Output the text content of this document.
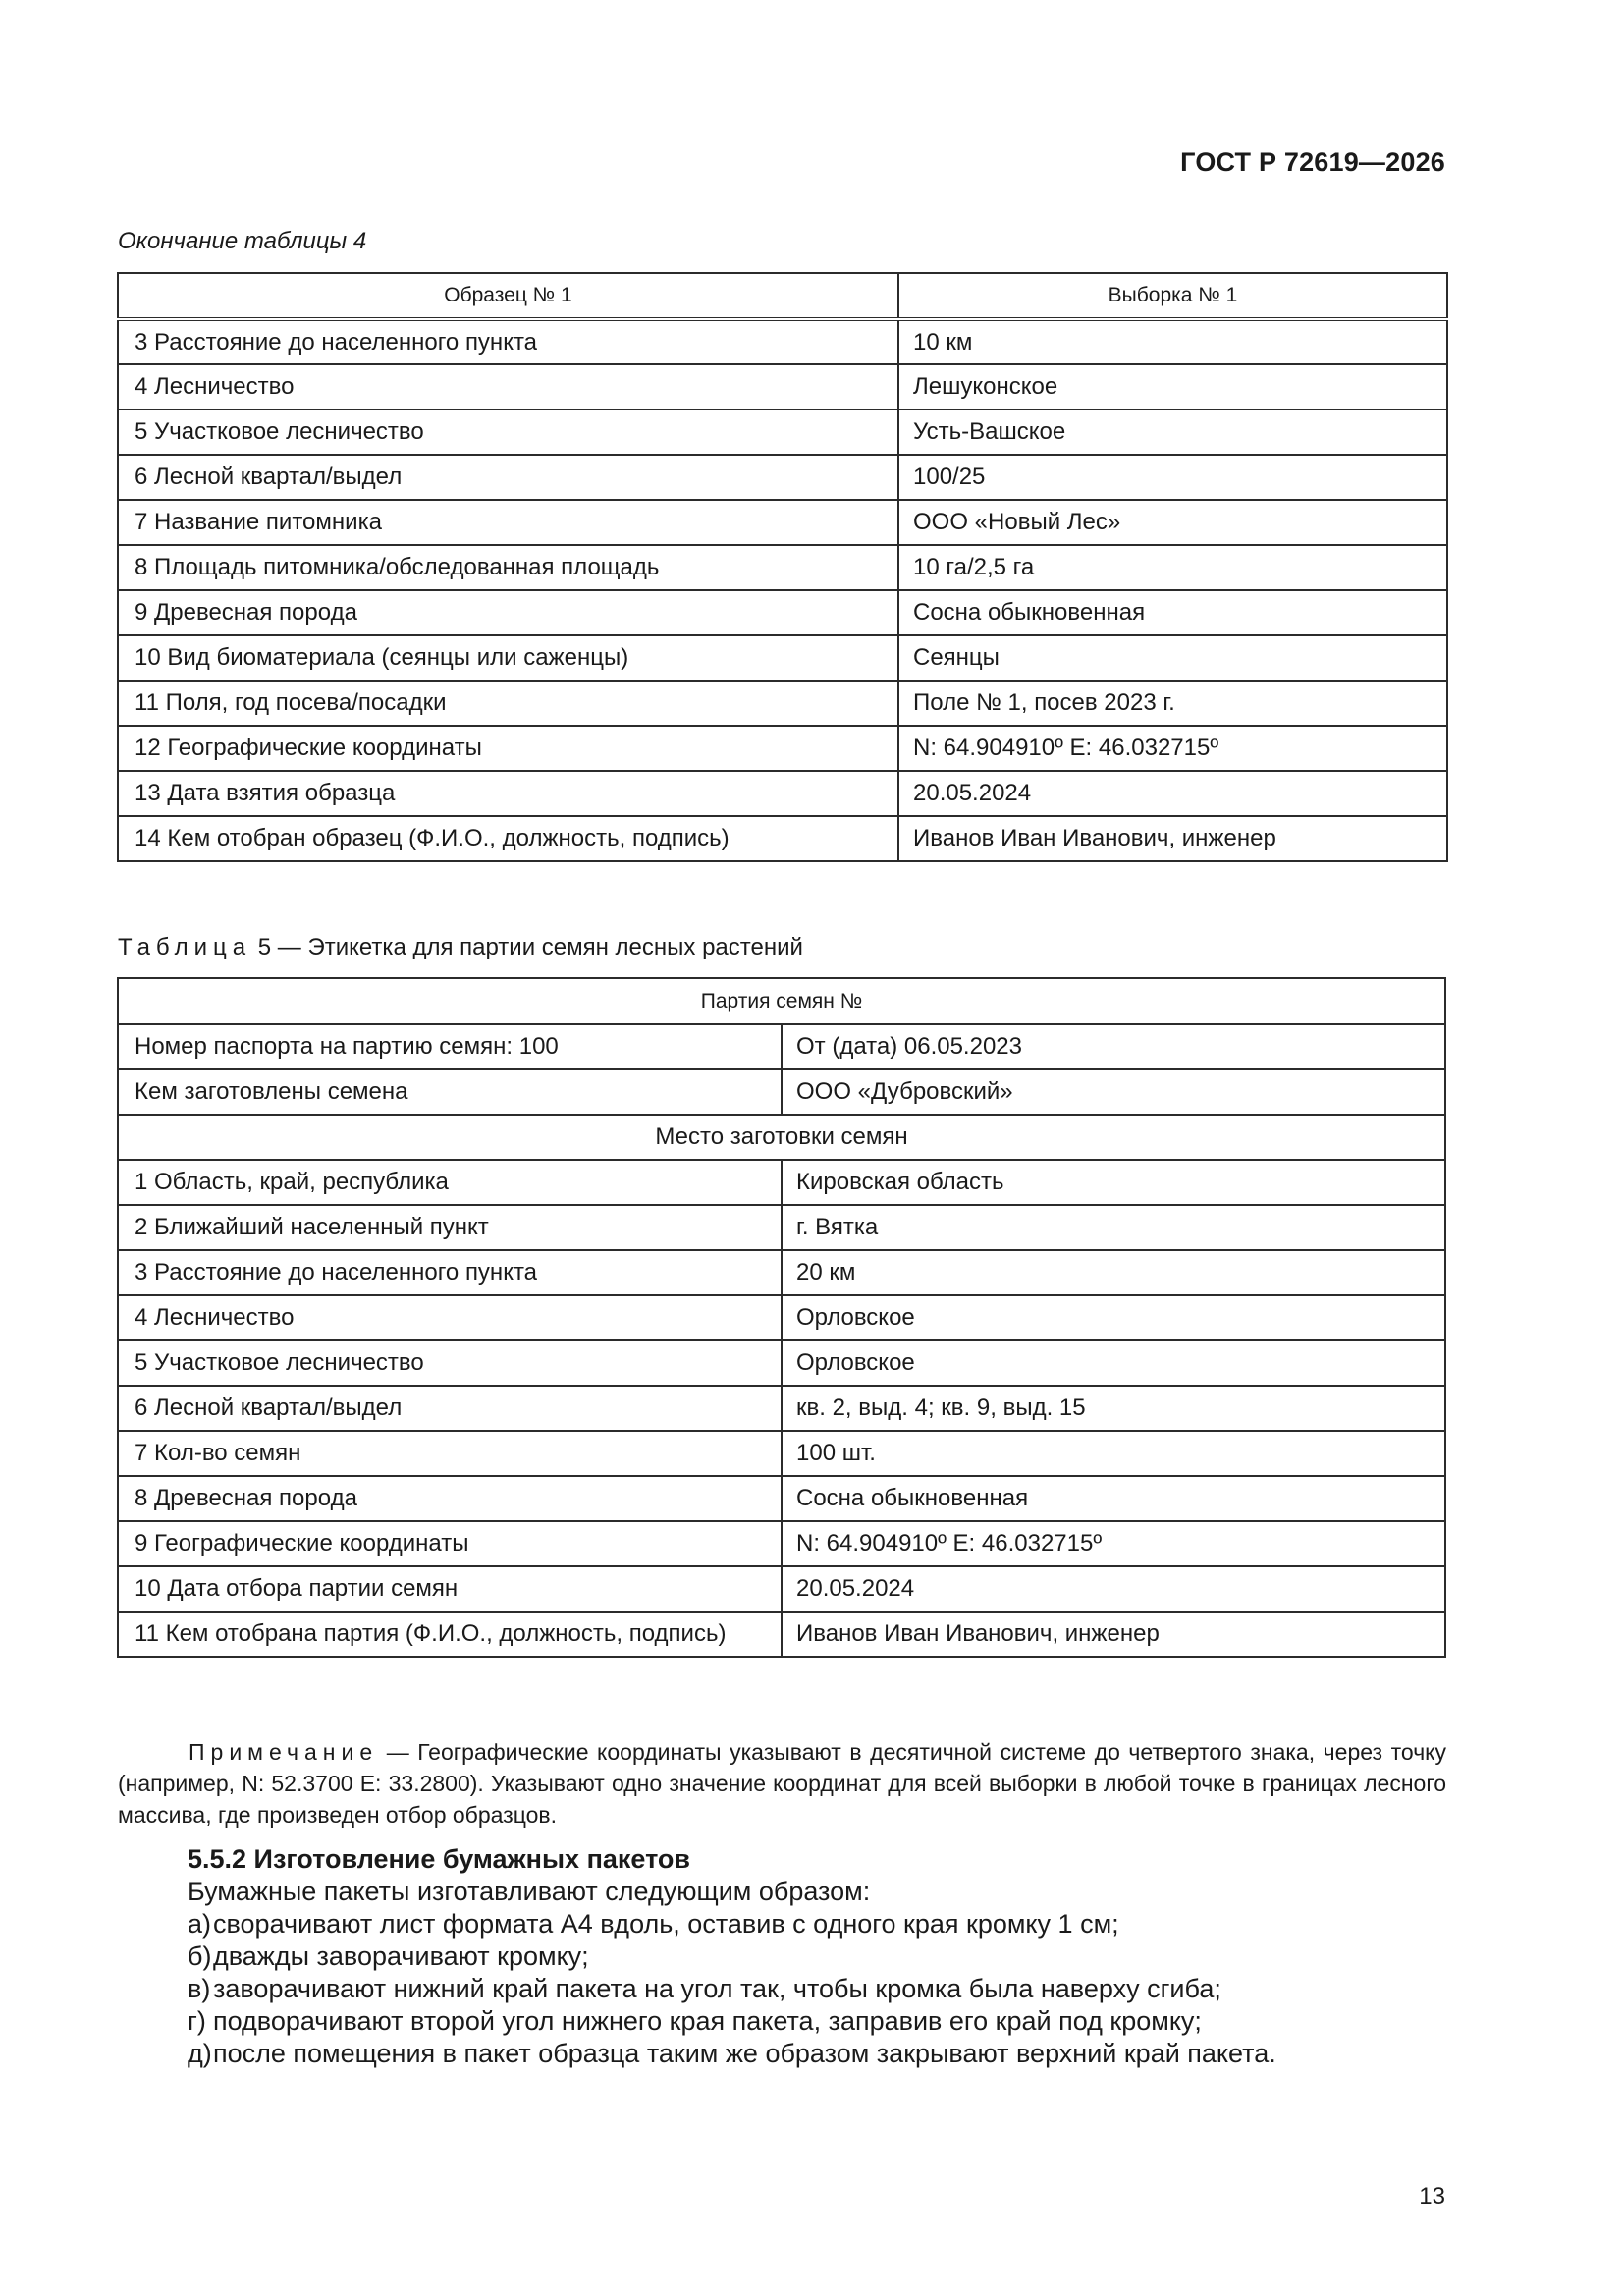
ГОСТ Р 72619—2026
Окончание таблицы 4
Образец № 1	Выборка № 1
3 Расстояние до населенного пункта	10 км
4 Лесничество	Лешуконское
5 Участковое лесничество	Усть-Вашское
6 Лесной квартал/выдел	100/25
7 Название питомника	ООО «Новый Лес»
8 Площадь питомника/обследованная площадь	10 га/2,5 га
9 Древесная порода	Сосна обыкновенная
10 Вид биоматериала (сеянцы или саженцы)	Сеянцы
11 Поля, год посева/посадки	Поле № 1, посев 2023 г.
12 Географические координаты	N: 64.904910º E: 46.032715º
13 Дата взятия образца	20.05.2024
14 Кем отобран образец (Ф.И.О., должность, подпись)	Иванов Иван Иванович, инженер
Таблица 5 — Этикетка для партии семян лесных растений
Партия семян №	
Номер паспорта на партию семян: 100	От (дата) 06.05.2023
Кем заготовлены семена	ООО «Дубровский»
Место заготовки семян	
1 Область, край, республика	Кировская область
2 Ближайший населенный пункт	г. Вятка
3 Расстояние до населенного пункта	20 км
4 Лесничество	Орловское
5 Участковое лесничество	Орловское
6 Лесной квартал/выдел	кв. 2, выд. 4; кв. 9, выд. 15
7 Кол-во семян	100 шт.
8 Древесная порода	Сосна обыкновенная
9 Географические координаты	N: 64.904910º E: 46.032715º
10 Дата отбора партии семян	20.05.2024
11 Кем отобрана партия (Ф.И.О., должность, подпись)	Иванов Иван Иванович, инженер
Примечание — Географические координаты указывают в десятичной системе до четвертого знака, через точку (например, N: 52.3700 E: 33.2800). Указывают одно значение координат для всей выборки в любой точке в границах лесного массива, где произведен отбор образцов.
5.5.2 Изготовление бумажных пакетов
Бумажные пакеты изготавливают следующим образом:
а)сворачивают лист формата А4 вдоль, оставив с одного края кромку 1 см;
б)дважды заворачивают кромку;
в)заворачивают нижний край пакета на угол так, чтобы кромка была наверху сгиба;
г) подворачивают второй угол нижнего края пакета, заправив его край под кромку;
д)после помещения в пакет образца таким же образом закрывают верхний край пакета.
13
